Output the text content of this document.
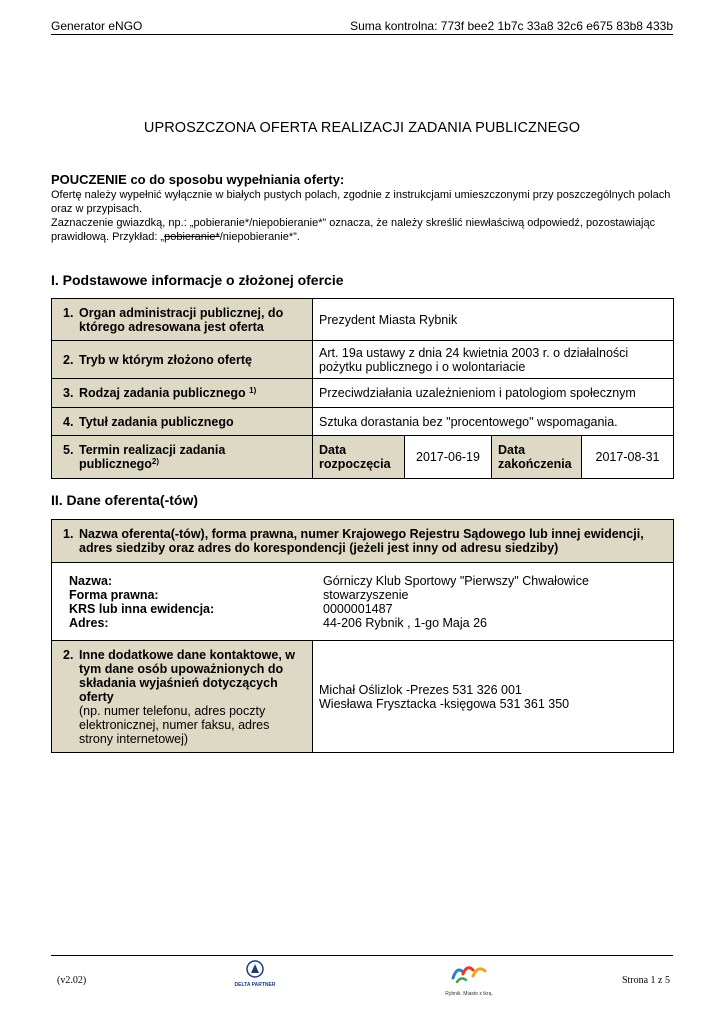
Generator eNGO	Suma kontrolna: 773f bee2 1b7c 33a8 32c6 e675 83b8 433b
UPROSZCZONA OFERTA REALIZACJI ZADANIA PUBLICZNEGO
POUCZENIE co do sposobu wypełniania oferty:
Ofertę należy wypełnić wyłącznie w białych pustych polach, zgodnie z instrukcjami umieszczonymi przy poszczególnych polach oraz w przypisach.
Zaznaczenie gwiazdką, np.: „pobieranie*/niepobieranie*” oznacza, że należy skreślić niewłaściwą odpowiedź, pozostawiając prawidłową. Przykład: „pobieranie*/niepobieranie*”.
I. Podstawowe informacje o złożonej ofercie
1. Organ administracji publicznej, do którego adresowana jest oferta	Prezydent Miasta Rybnik			

2. Tryb w którym złożono ofertę	Art. 19a ustawy z dnia 24 kwietnia 2003 r. o działalności pożytku publicznego i o wolontariacie			

3. Rodzaj zadania publicznego $^{1)}$	Przeciwdziałania uzależnieniom i patologiom społecznym			

4. Tytuł zadania publicznego	Sztuka dorastania bez "procentowego" wspomagania.			

5. Termin realizacji zadania publicznego$^{2)}$	Data rozpoczęcia	2017-06-19	Data zakończenia	2017-08-31
II. Dane oferenta(-tów)
1. Nazwa oferenta(-tów), forma prawna, numer Krajowego Rejestru Sądowego lub innej ewidencji, adres siedziby oraz adres do korespondencji (jeżeli jest inny od adresu siedziby)

Nazwa:	Górniczy Klub Sportowy "Pierwszy" Chwałowice
Forma prawna:	stowarzyszenie
KRS lub inna ewidencja:	0000001487
Adres:	44-206 Rybnik , 1-go Maja 26

2. Inne dodatkowe dane kontaktowe, w tym dane osób upoważnionych do składania wyjaśnień dotyczących oferty
(np. numer telefonu, adres poczty elektronicznej, numer faksu, adres strony internetowej)

Michał Oślizlok -Prezes 531 326 001
Wiesława Frysztacka -księgowa 531 361 350
(v2.02)	DELTA PARTNER
Rybnik. Miasto z ikrą.
Strona 1 z 5
